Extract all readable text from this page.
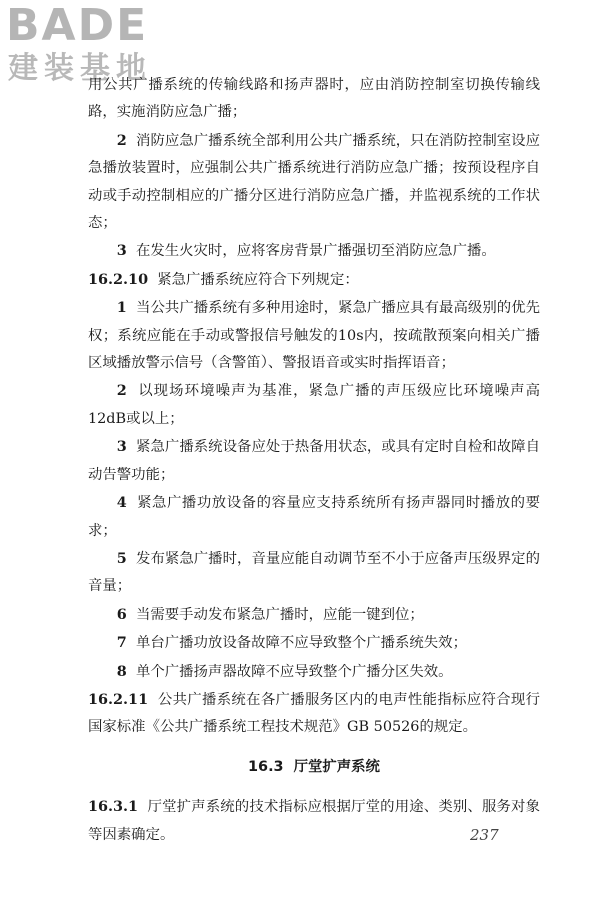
BADE
建装基地

用公共广播系统的传输线路和扬声器时，应由消防控制室切换传输线路，实施消防应急广播；

2 消防应急广播系统全部利用公共广播系统，只在消防控制室设应急播放装置时，应强制公共广播系统进行消防应急广播；按预设程序自动或手动控制相应的广播分区进行消防应急广播，并监视系统的工作状态；

3 在发生火灾时，应将客房背景广播强切至消防应急广播。

16.2.10 紧急广播系统应符合下列规定：

1 当公共广播系统有多种用途时，紧急广播应具有最高级别的优先权；系统应能在手动或警报信号触发的10s内，按疏散预案向相关广播区域播放警示信号（含警笛）、警报语音或实时指挥语音；

2 以现场环境噪声为基准，紧急广播的声压级应比环境噪声高12dB或以上；

3 紧急广播系统设备应处于热备用状态，或具有定时自检和故障自动告警功能；

4 紧急广播功放设备的容量应支持系统所有扬声器同时播放的要求；

5 发布紧急广播时，音量应能自动调节至不小于应备声压级界定的音量；

6 当需要手动发布紧急广播时，应能一键到位；

7 单台广播功放设备故障不应导致整个广播系统失效；

8 单个广播扬声器故障不应导致整个广播分区失效。

16.2.11 公共广播系统在各广播服务区内的电声性能指标应符合现行国家标准《公共广播系统工程技术规范》GB 50526的规定。

16.3 厅堂扩声系统

16.3.1 厅堂扩声系统的技术指标应根据厅堂的用途、类别、服务对象等因素确定。	237
